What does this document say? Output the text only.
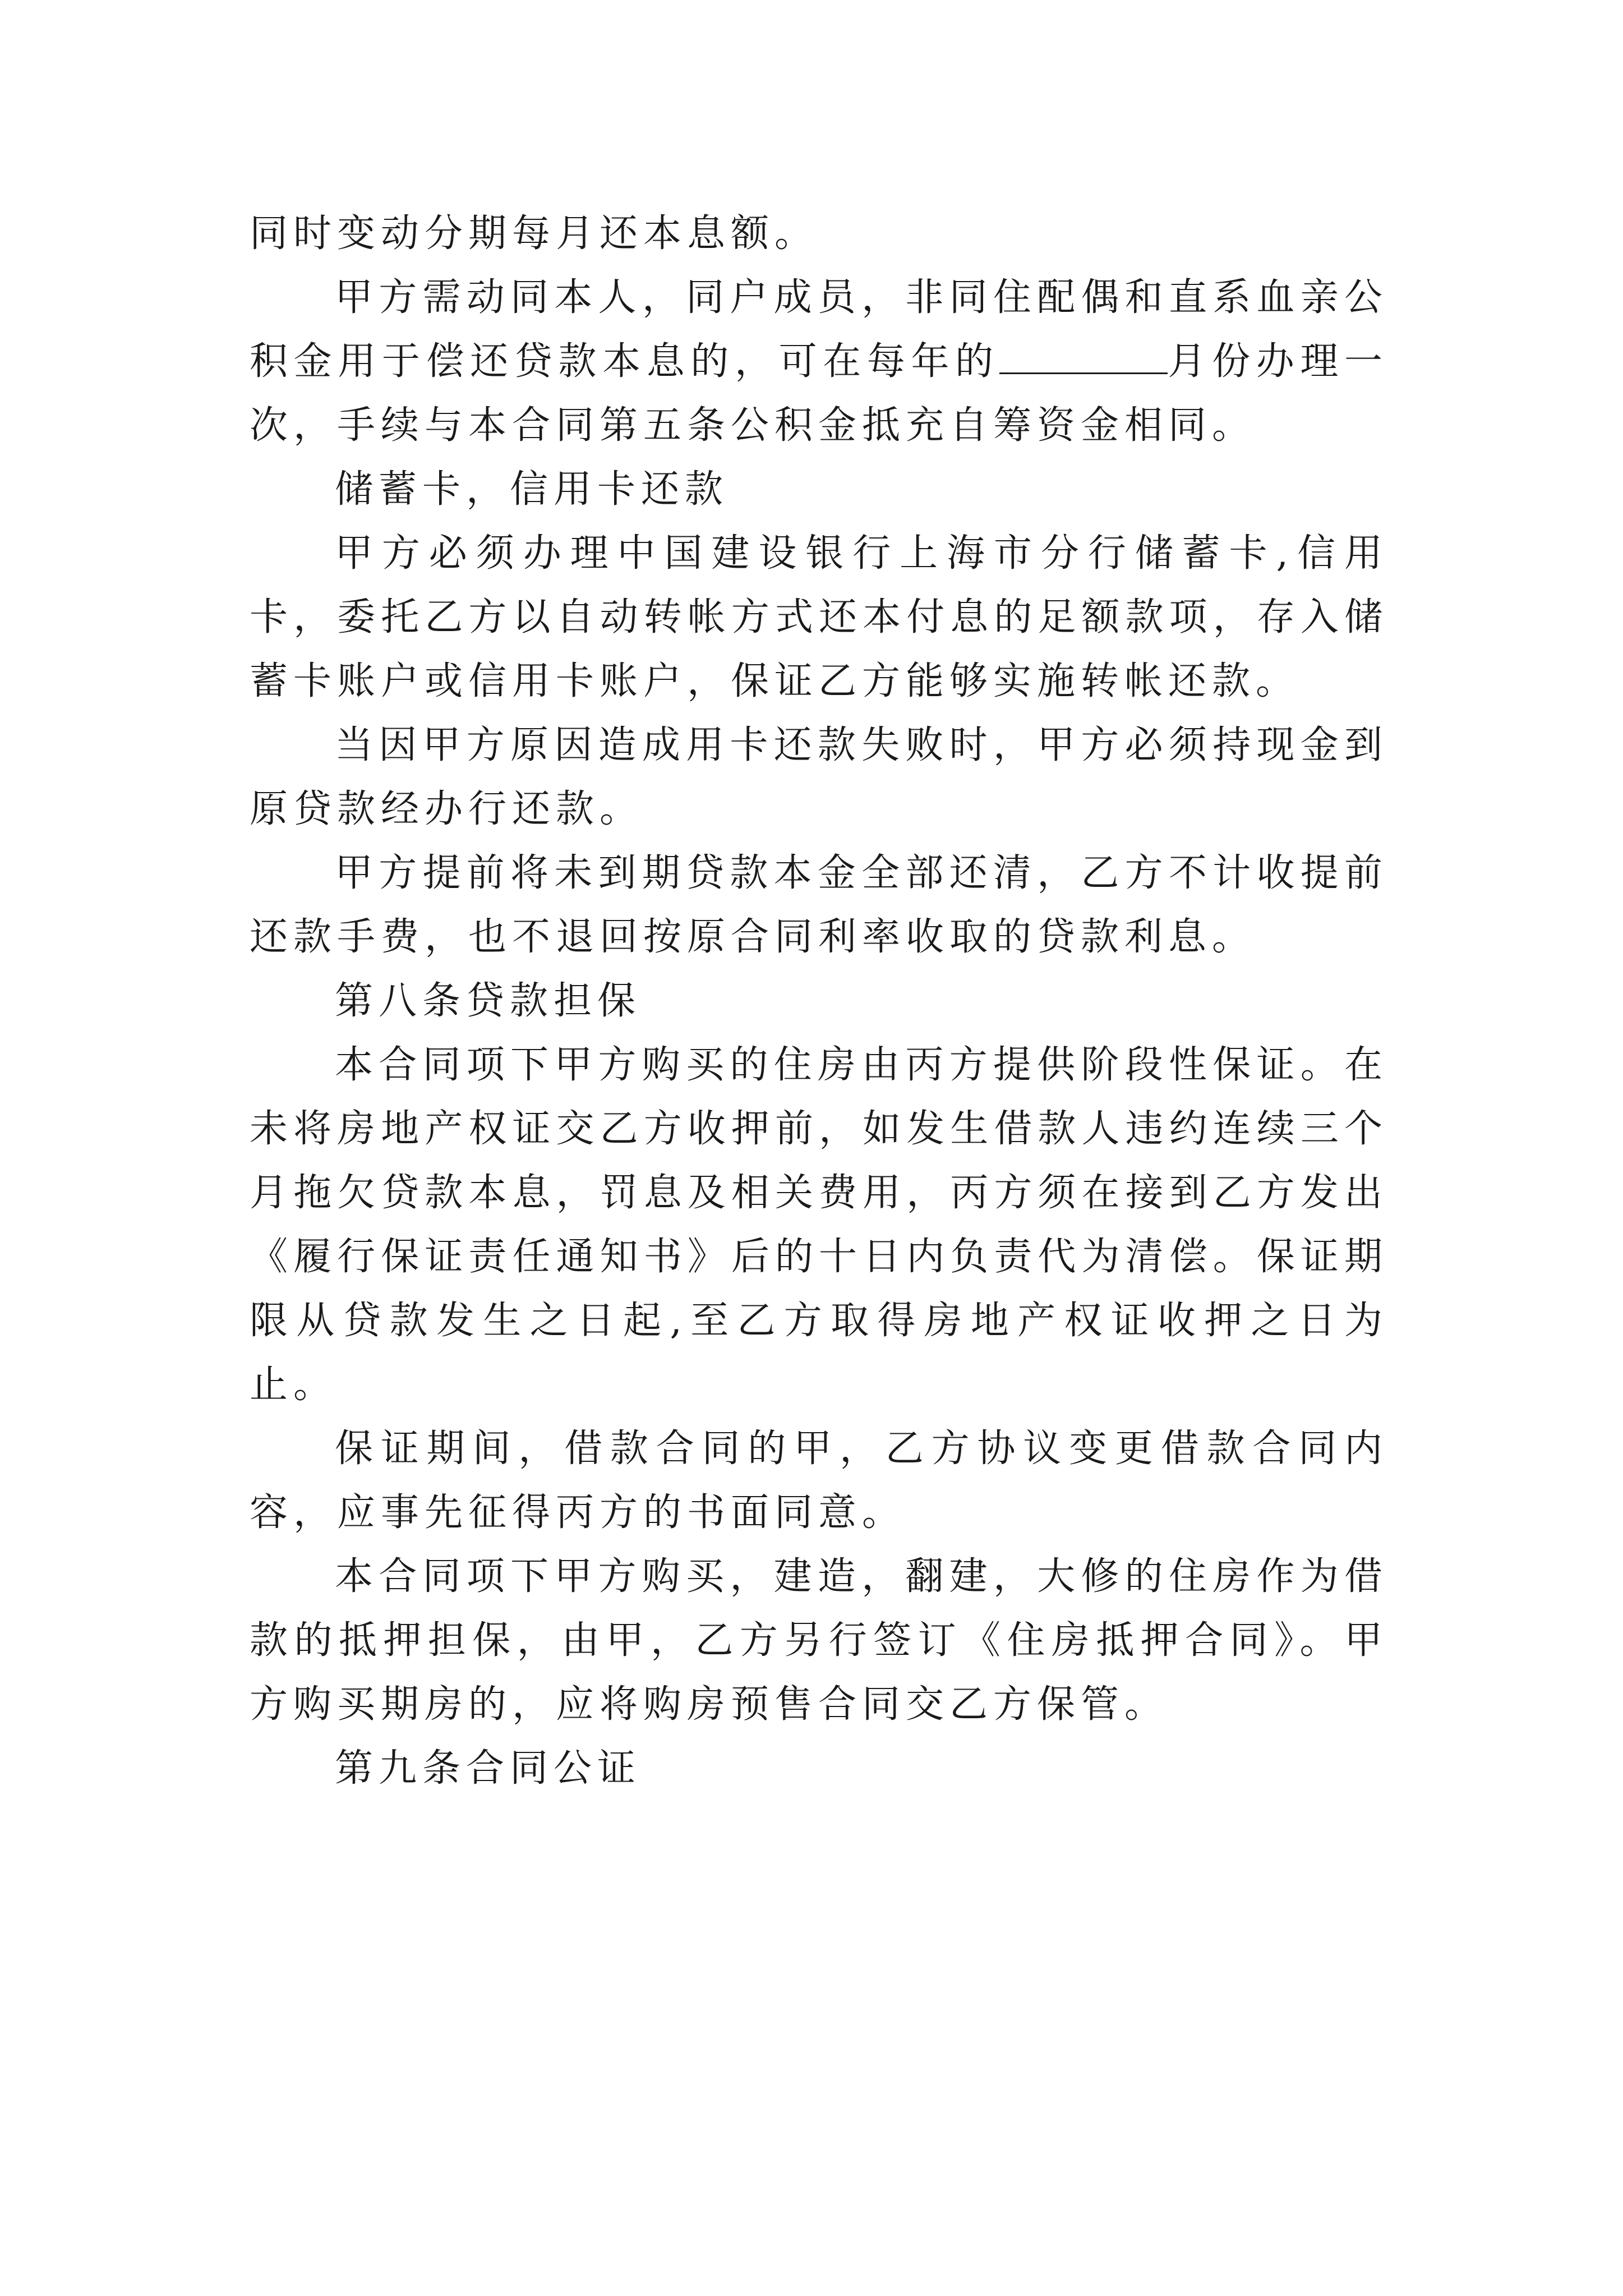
同时变动分期每月还本息额。

甲方需动同本人，同户成员，非同住配偶和直系血亲公积金用于偿还贷款本息的，可在每年的	月份办理一次，手续与本合同第五条公积金抵充自筹资金相同。

储蓄卡，信用卡还款

甲方必须办理中国建设银行上海市分行储蓄卡,信用卡，委托乙方以自动转帐方式还本付息的足额款项，存入储蓄卡账户或信用卡账户，保证乙方能够实施转帐还款。

当因甲方原因造成用卡还款失败时，甲方必须持现金到原贷款经办行还款。

甲方提前将未到期贷款本金全部还清，乙方不计收提前还款手费，也不退回按原合同利率收取的贷款利息。

第八条贷款担保

本合同项下甲方购买的住房由丙方提供阶段性保证。在未将房地产权证交乙方收押前，如发生借款人违约连续三个月拖欠贷款本息，罚息及相关费用，丙方须在接到乙方发出《履行保证责任通知书》后的十日内负责代为清偿。保证期限从贷款发生之日起,至乙方取得房地产权证收押之日为止。

保证期间，借款合同的甲，乙方协议变更借款合同内容，应事先征得丙方的书面同意。

本合同项下甲方购买，建造，翻建，大修的住房作为借款的抵押担保，由甲，乙方另行签订《住房抵押合同》。甲方购买期房的，应将购房预售合同交乙方保管。

第九条合同公证
